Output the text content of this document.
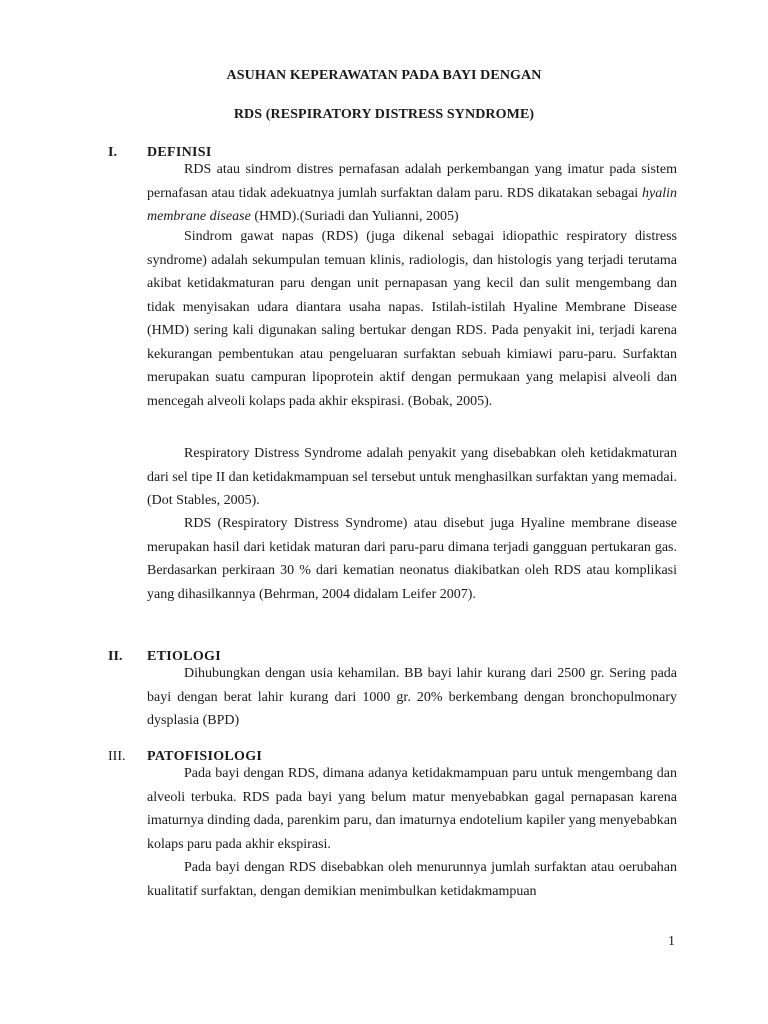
ASUHAN KEPERAWATAN PADA BAYI DENGAN
RDS (RESPIRATORY DISTRESS SYNDROME)
I. DEFINISI

RDS atau sindrom distres pernafasan adalah perkembangan yang imatur pada sistem pernafasan atau tidak adekuatnya jumlah surfaktan dalam paru. RDS dikatakan sebagai hyalin membrane disease (HMD).(Suriadi dan Yulianni, 2005)

Sindrom gawat napas (RDS) (juga dikenal sebagai idiopathic respiratory distress syndrome) adalah sekumpulan temuan klinis, radiologis, dan histologis yang terjadi terutama akibat ketidakmaturan paru dengan unit pernapasan yang kecil dan sulit mengembang dan tidak menyisakan udara diantara usaha napas. Istilah-istilah Hyaline Membrane Disease (HMD) sering kali digunakan saling bertukar dengan RDS. Pada penyakit ini, terjadi karena kekurangan pembentukan atau pengeluaran surfaktan sebuah kimiawi paru-paru. Surfaktan merupakan suatu campuran lipoprotein aktif dengan permukaan yang melapisi alveoli dan mencegah alveoli kolaps pada akhir ekspirasi. (Bobak, 2005).

Respiratory Distress Syndrome adalah penyakit yang disebabkan oleh ketidakmaturan dari sel tipe II dan ketidakmampuan sel tersebut untuk menghasilkan surfaktan yang memadai. (Dot Stables, 2005).

RDS (Respiratory Distress Syndrome) atau disebut juga Hyaline membrane disease merupakan hasil dari ketidak maturan dari paru-paru dimana terjadi gangguan pertukaran gas. Berdasarkan perkiraan 30 % dari kematian neonatus diakibatkan oleh RDS atau komplikasi yang dihasilkannya (Behrman, 2004 didalam Leifer 2007).

II. ETIOLOGI

Dihubungkan dengan usia kehamilan. BB bayi lahir kurang dari 2500 gr. Sering pada bayi dengan berat lahir kurang dari 1000 gr. 20% berkembang dengan bronchopulmonary dysplasia (BPD)

III. PATOFISIOLOGI

Pada bayi dengan RDS, dimana adanya ketidakmampuan paru untuk mengembang dan alveoli terbuka. RDS pada bayi yang belum matur menyebabkan gagal pernapasan karena imaturnya dinding dada, parenkim paru, dan imaturnya endotelium kapiler yang menyebabkan kolaps paru pada akhir ekspirasi.

Pada bayi dengan RDS disebabkan oleh menurunnya jumlah surfaktan atau oerubahan kualitatif surfaktan, dengan demikian menimbulkan ketidakmampuan

1
